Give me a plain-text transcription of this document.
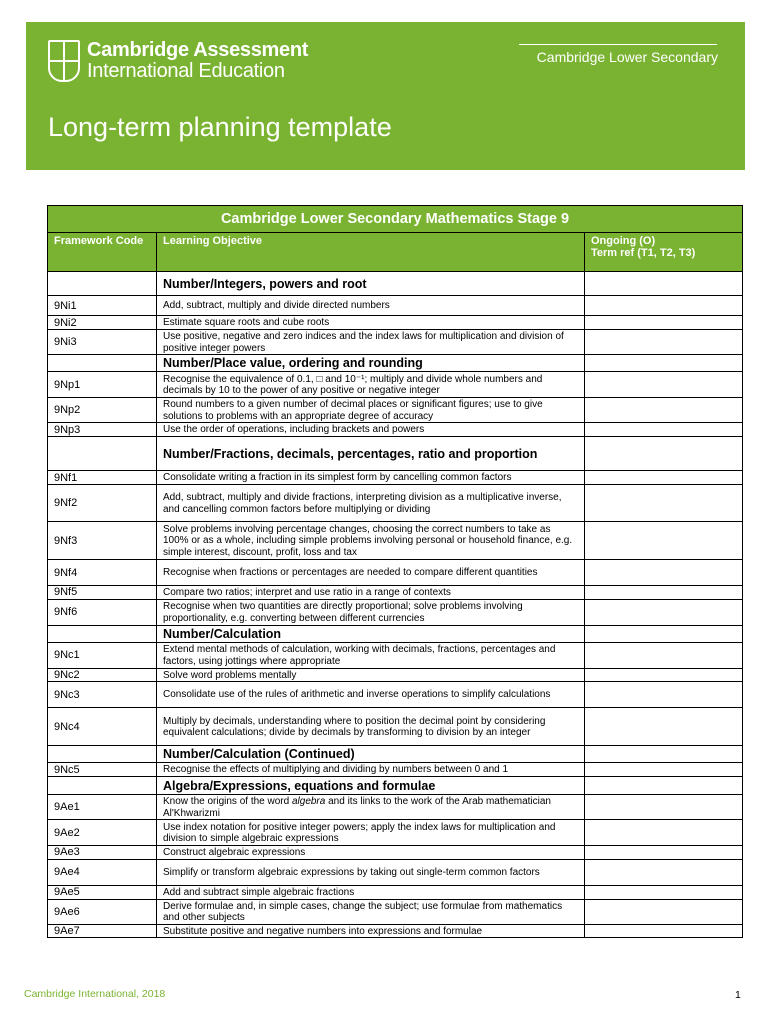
Cambridge Assessment
International Education
Cambridge Lower Secondary
Long-term planning template
Cambridge Lower Secondary Mathematics Stage 9		
Framework Code	Learning Objective	Ongoing (O)
Term ref (T1, T2, T3)
	Number/Integers, powers and root	
9Ni1	Add, subtract, multiply and divide directed numbers	
9Ni2	Estimate square roots and cube roots	
9Ni3	Use positive, negative and zero indices and the index laws for multiplication and division of positive integer powers	
	Number/Place value, ordering and rounding	
9Np1	Recognise the equivalence of 0.1, □ and 10⁻¹; multiply and divide whole numbers and decimals by 10 to the power of any positive or negative integer	
9Np2	Round numbers to a given number of decimal places or significant figures; use to give solutions to problems with an appropriate degree of accuracy	
9Np3	Use the order of operations, including brackets and powers	
	Number/Fractions, decimals, percentages, ratio and proportion	
9Nf1	Consolidate writing a fraction in its simplest form by cancelling common factors	
9Nf2	Add, subtract, multiply and divide fractions, interpreting division as a multiplicative inverse, and cancelling common factors before multiplying or dividing	
9Nf3	Solve problems involving percentage changes, choosing the correct numbers to take as 100% or as a whole, including simple problems involving personal or household finance, e.g. simple interest, discount, profit, loss and tax	
9Nf4	Recognise when fractions or percentages are needed to compare different quantities	
9Nf5	Compare two ratios; interpret and use ratio in a range of contexts	
9Nf6	Recognise when two quantities are directly proportional; solve problems involving proportionality, e.g. converting between different currencies	
	Number/Calculation	
9Nc1	Extend mental methods of calculation, working with decimals, fractions, percentages and factors, using jottings where appropriate	
9Nc2	Solve word problems mentally	
9Nc3	Consolidate use of the rules of arithmetic and inverse operations to simplify calculations	
9Nc4	Multiply by decimals, understanding where to position the decimal point by considering equivalent calculations; divide by decimals by transforming to division by an integer	
	Number/Calculation (Continued)	
9Nc5	Recognise the effects of multiplying and dividing by numbers between 0 and 1	
	Algebra/Expressions, equations and formulae	
9Ae1	Know the origins of the word algebra and its links to the work of the Arab mathematician Al'Khwarizmi	
9Ae2	Use index notation for positive integer powers; apply the index laws for multiplication and division to simple algebraic expressions	
9Ae3	Construct algebraic expressions	
9Ae4	Simplify or transform algebraic expressions by taking out single-term common factors	
9Ae5	Add and subtract simple algebraic fractions	
9Ae6	Derive formulae and, in simple cases, change the subject; use formulae from mathematics and other subjects	
9Ae7	Substitute positive and negative numbers into expressions and formulae	
Cambridge International, 2018	1
